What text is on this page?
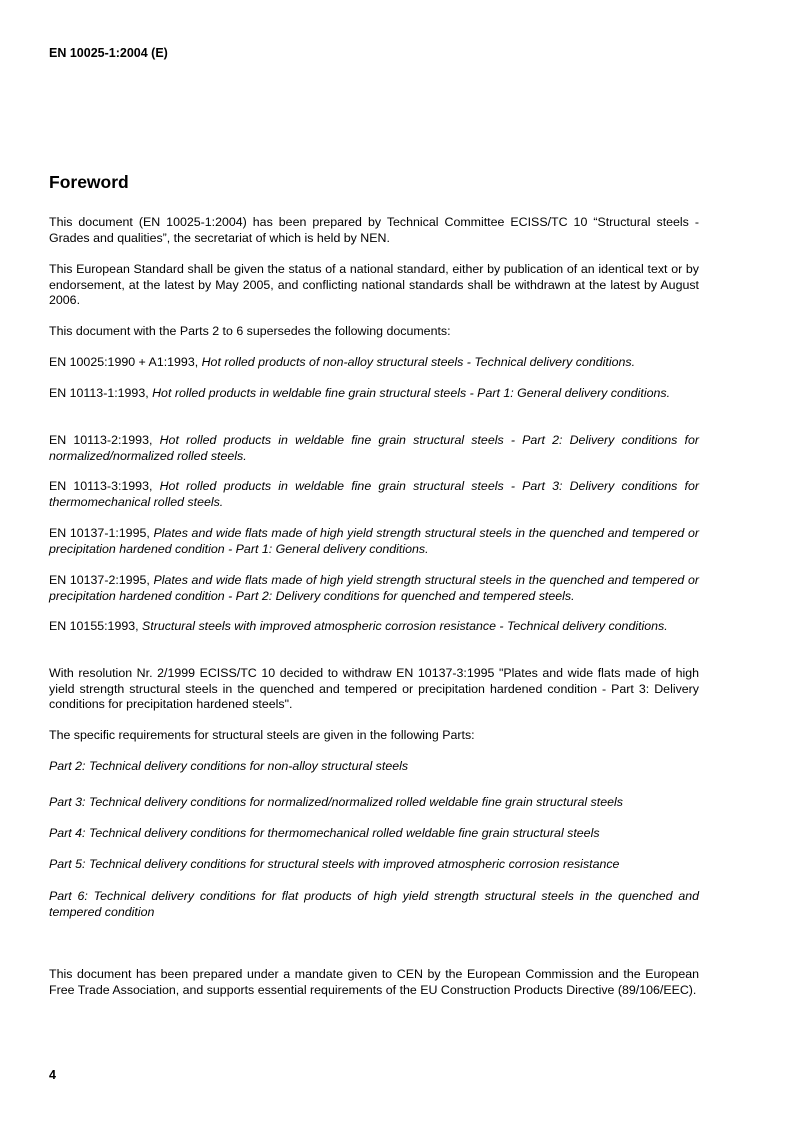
EN 10025-1:2004 (E)
Foreword

This document (EN 10025-1:2004) has been prepared by Technical Committee ECISS/TC 10 “Structural steels - Grades and qualities”, the secretariat of which is held by NEN.

This European Standard shall be given the status of a national standard, either by publication of an identical text or by endorsement, at the latest by May 2005, and conflicting national standards shall be withdrawn at the latest by August 2006.

This document with the Parts 2 to 6 supersedes the following documents:

EN 10025:1990 + A1:1993, Hot rolled products of non-alloy structural steels - Technical delivery conditions.

EN 10113-1:1993, Hot rolled products in weldable fine grain structural steels - Part 1: General delivery conditions.

EN 10113-2:1993, Hot rolled products in weldable fine grain structural steels - Part 2: Delivery conditions for normalized/normalized rolled steels.

EN 10113-3:1993, Hot rolled products in weldable fine grain structural steels - Part 3: Delivery conditions for thermomechanical rolled steels.

EN 10137-1:1995, Plates and wide flats made of high yield strength structural steels in the quenched and tempered or precipitation hardened condition - Part 1: General delivery conditions.

EN 10137-2:1995, Plates and wide flats made of high yield strength structural steels in the quenched and tempered or precipitation hardened condition - Part 2: Delivery conditions for quenched and tempered steels.

EN 10155:1993, Structural steels with improved atmospheric corrosion resistance - Technical delivery conditions.

With resolution Nr. 2/1999 ECISS/TC 10 decided to withdraw EN 10137-3:1995 "Plates and wide flats made of high yield strength structural steels in the quenched and tempered or precipitation hardened condition - Part 3: Delivery conditions for precipitation hardened steels".

The specific requirements for structural steels are given in the following Parts:

Part 2: Technical delivery conditions for non-alloy structural steels

Part 3: Technical delivery conditions for normalized/normalized rolled weldable fine grain structural steels

Part 4: Technical delivery conditions for thermomechanical rolled weldable fine grain structural steels

Part 5: Technical delivery conditions for structural steels with improved atmospheric corrosion resistance

Part 6: Technical delivery conditions for flat products of high yield strength structural steels in the quenched and tempered condition

This document has been prepared under a mandate given to CEN by the European Commission and the European Free Trade Association, and supports essential requirements of the EU Construction Products Directive (89/106/EEC).

4
